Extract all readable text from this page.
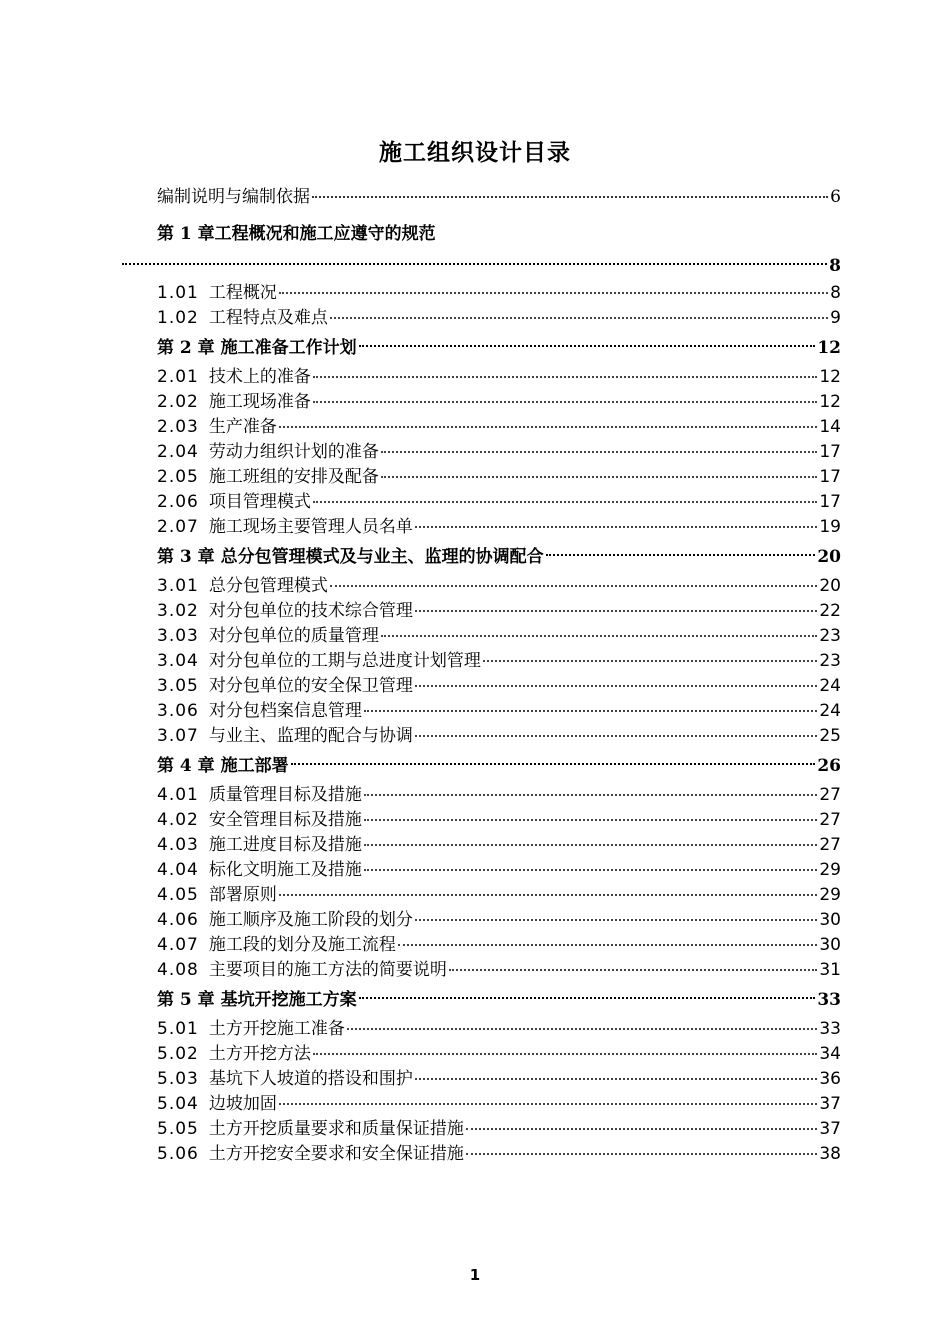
施工组织设计目录
编制说明与编制依据	6
第 1 章工程概况和施工应遵守的规范
8
1.01 工程概况	8
1.02 工程特点及难点	9
第 2 章 施工准备工作计划	12
2.01 技术上的准备	12
2.02 施工现场准备	12
2.03 生产准备	14
2.04 劳动力组织计划的准备	17
2.05 施工班组的安排及配备	17
2.06 项目管理模式	17
2.07 施工现场主要管理人员名单	19
第 3 章 总分包管理模式及与业主、监理的协调配合	20
3.01 总分包管理模式	20
3.02 对分包单位的技术综合管理	22
3.03 对分包单位的质量管理	23
3.04 对分包单位的工期与总进度计划管理	23
3.05 对分包单位的安全保卫管理	24
3.06 对分包档案信息管理	24
3.07 与业主、监理的配合与协调	25
第 4 章 施工部署	26
4.01 质量管理目标及措施	27
4.02 安全管理目标及措施	27
4.03 施工进度目标及措施	27
4.04 标化文明施工及措施	29
4.05 部署原则	29
4.06 施工顺序及施工阶段的划分	30
4.07 施工段的划分及施工流程	30
4.08 主要项目的施工方法的简要说明	31
第 5 章 基坑开挖施工方案	33
5.01 土方开挖施工准备	33
5.02 土方开挖方法	34
5.03 基坑下人坡道的搭设和围护	36
5.04 边坡加固	37
5.05 土方开挖质量要求和质量保证措施	37
5.06 土方开挖安全要求和安全保证措施	38
1
